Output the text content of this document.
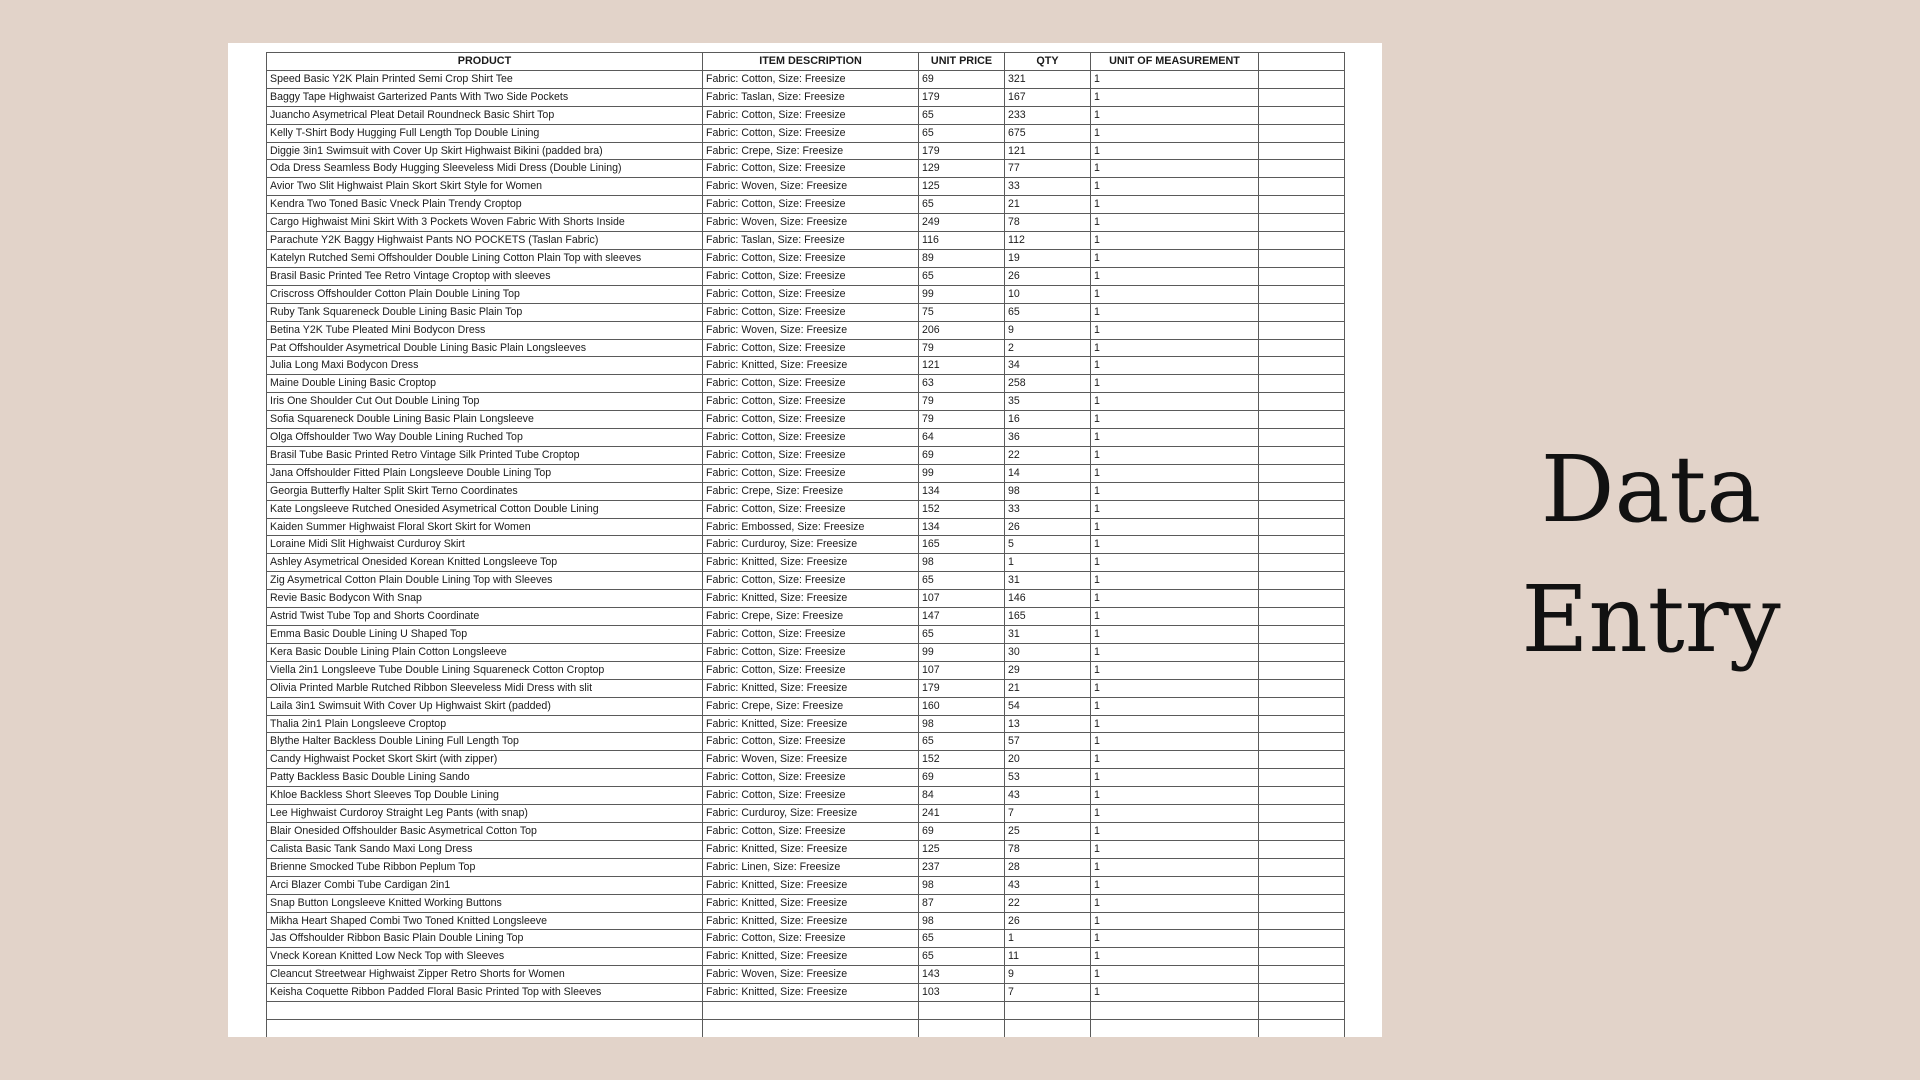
PRODUCT	ITEM DESCRIPTION	UNIT PRICE	QTY	UNIT OF MEASUREMENT	
Speed Basic Y2K Plain Printed Semi Crop Shirt Tee	Fabric: Cotton, Size: Freesize	69	321	1	
Baggy Tape Highwaist Garterized Pants With Two Side Pockets	Fabric: Taslan, Size: Freesize	179	167	1	
Juancho Asymetrical Pleat Detail Roundneck Basic Shirt Top	Fabric: Cotton, Size: Freesize	65	233	1	
Kelly T-Shirt Body Hugging Full Length Top Double Lining	Fabric: Cotton, Size: Freesize	65	675	1	
Diggie 3in1 Swimsuit with Cover Up Skirt Highwaist Bikini (padded bra)	Fabric: Crepe, Size: Freesize	179	121	1	
Oda Dress Seamless Body Hugging Sleeveless Midi Dress (Double Lining)	Fabric: Cotton, Size: Freesize	129	77	1	
Avior Two Slit Highwaist Plain Skort Skirt Style for Women	Fabric: Woven, Size: Freesize	125	33	1	
Kendra Two Toned Basic Vneck Plain Trendy Croptop	Fabric: Cotton, Size: Freesize	65	21	1	
Cargo Highwaist Mini Skirt With 3 Pockets Woven Fabric With Shorts Inside	Fabric: Woven, Size: Freesize	249	78	1	
Parachute Y2K Baggy Highwaist Pants NO POCKETS (Taslan Fabric)	Fabric: Taslan, Size: Freesize	116	112	1	
Katelyn Rutched Semi Offshoulder Double Lining Cotton Plain Top with sleeves	Fabric: Cotton, Size: Freesize	89	19	1	
Brasil Basic Printed Tee Retro Vintage Croptop with sleeves	Fabric: Cotton, Size: Freesize	65	26	1	
Criscross Offshoulder Cotton Plain Double Lining Top	Fabric: Cotton, Size: Freesize	99	10	1	
Ruby Tank Squareneck Double Lining Basic Plain Top	Fabric: Cotton, Size: Freesize	75	65	1	
Betina Y2K Tube Pleated Mini Bodycon Dress	Fabric: Woven, Size: Freesize	206	9	1	
Pat Offshoulder Asymetrical Double Lining Basic Plain Longsleeves	Fabric: Cotton, Size: Freesize	79	2	1	
Julia Long Maxi Bodycon Dress	Fabric: Knitted, Size: Freesize	121	34	1	
Maine Double Lining Basic Croptop	Fabric: Cotton, Size: Freesize	63	258	1	
Iris One Shoulder Cut Out Double Lining Top	Fabric: Cotton, Size: Freesize	79	35	1	
Sofia Squareneck Double Lining Basic Plain Longsleeve	Fabric: Cotton, Size: Freesize	79	16	1	
Olga Offshoulder Two Way Double Lining Ruched Top	Fabric: Cotton, Size: Freesize	64	36	1	
Brasil Tube Basic Printed Retro Vintage Silk Printed Tube Croptop	Fabric: Cotton, Size: Freesize	69	22	1	
Jana Offshoulder Fitted Plain Longsleeve Double Lining Top	Fabric: Cotton, Size: Freesize	99	14	1	
Georgia Butterfly Halter Split Skirt Terno Coordinates	Fabric: Crepe, Size: Freesize	134	98	1	
Kate Longsleeve Rutched Onesided Asymetrical Cotton Double Lining	Fabric: Cotton, Size: Freesize	152	33	1	
Kaiden Summer Highwaist Floral Skort Skirt for Women	Fabric: Embossed, Size: Freesize	134	26	1	
Loraine Midi Slit Highwaist Curduroy Skirt	Fabric: Curduroy, Size: Freesize	165	5	1	
Ashley Asymetrical Onesided Korean Knitted Longsleeve Top	Fabric: Knitted, Size: Freesize	98	1	1	
Zig Asymetrical Cotton Plain Double Lining Top with Sleeves	Fabric: Cotton, Size: Freesize	65	31	1	
Revie Basic Bodycon With Snap	Fabric: Knitted, Size: Freesize	107	146	1	
Astrid Twist Tube Top and Shorts Coordinate	Fabric: Crepe, Size: Freesize	147	165	1	
Emma Basic Double Lining U Shaped Top	Fabric: Cotton, Size: Freesize	65	31	1	
Kera Basic Double Lining Plain Cotton Longsleeve	Fabric: Cotton, Size: Freesize	99	30	1	
Viella 2in1 Longsleeve Tube Double Lining Squareneck Cotton Croptop	Fabric: Cotton, Size: Freesize	107	29	1	
Olivia Printed Marble Rutched Ribbon Sleeveless Midi Dress with slit	Fabric: Knitted, Size: Freesize	179	21	1	
Laila 3in1 Swimsuit With Cover Up Highwaist Skirt (padded)	Fabric: Crepe, Size: Freesize	160	54	1	
Thalia 2in1 Plain Longsleeve Croptop	Fabric: Knitted, Size: Freesize	98	13	1	
Blythe Halter Backless Double Lining Full Length Top	Fabric: Cotton, Size: Freesize	65	57	1	
Candy Highwaist Pocket Skort Skirt (with zipper)	Fabric: Woven, Size: Freesize	152	20	1	
Patty Backless Basic Double Lining Sando	Fabric: Cotton, Size: Freesize	69	53	1	
Khloe Backless Short Sleeves Top Double Lining	Fabric: Cotton, Size: Freesize	84	43	1	
Lee Highwaist Curdoroy Straight Leg Pants (with snap)	Fabric: Curduroy, Size: Freesize	241	7	1	
Blair Onesided Offshoulder Basic Asymetrical Cotton Top	Fabric: Cotton, Size: Freesize	69	25	1	
Calista Basic Tank Sando Maxi Long Dress	Fabric: Knitted, Size: Freesize	125	78	1	
Brienne Smocked Tube Ribbon Peplum Top	Fabric: Linen, Size: Freesize	237	28	1	
Arci Blazer Combi Tube Cardigan 2in1	Fabric: Knitted, Size: Freesize	98	43	1	
Snap Button Longsleeve Knitted Working Buttons	Fabric: Knitted, Size: Freesize	87	22	1	
Mikha Heart Shaped Combi Two Toned Knitted Longsleeve	Fabric: Knitted, Size: Freesize	98	26	1	
Jas Offshoulder Ribbon Basic Plain Double Lining Top	Fabric: Cotton, Size: Freesize	65	1	1	
Vneck Korean Knitted Low Neck Top with Sleeves	Fabric: Knitted, Size: Freesize	65	11	1	
Cleancut Streetwear Highwaist Zipper Retro Shorts for Women	Fabric: Woven, Size: Freesize	143	9	1	
Keisha Coquette Ribbon Padded Floral Basic Printed Top with Sleeves	Fabric: Knitted, Size: Freesize	103	7	1	

Data
Entry
